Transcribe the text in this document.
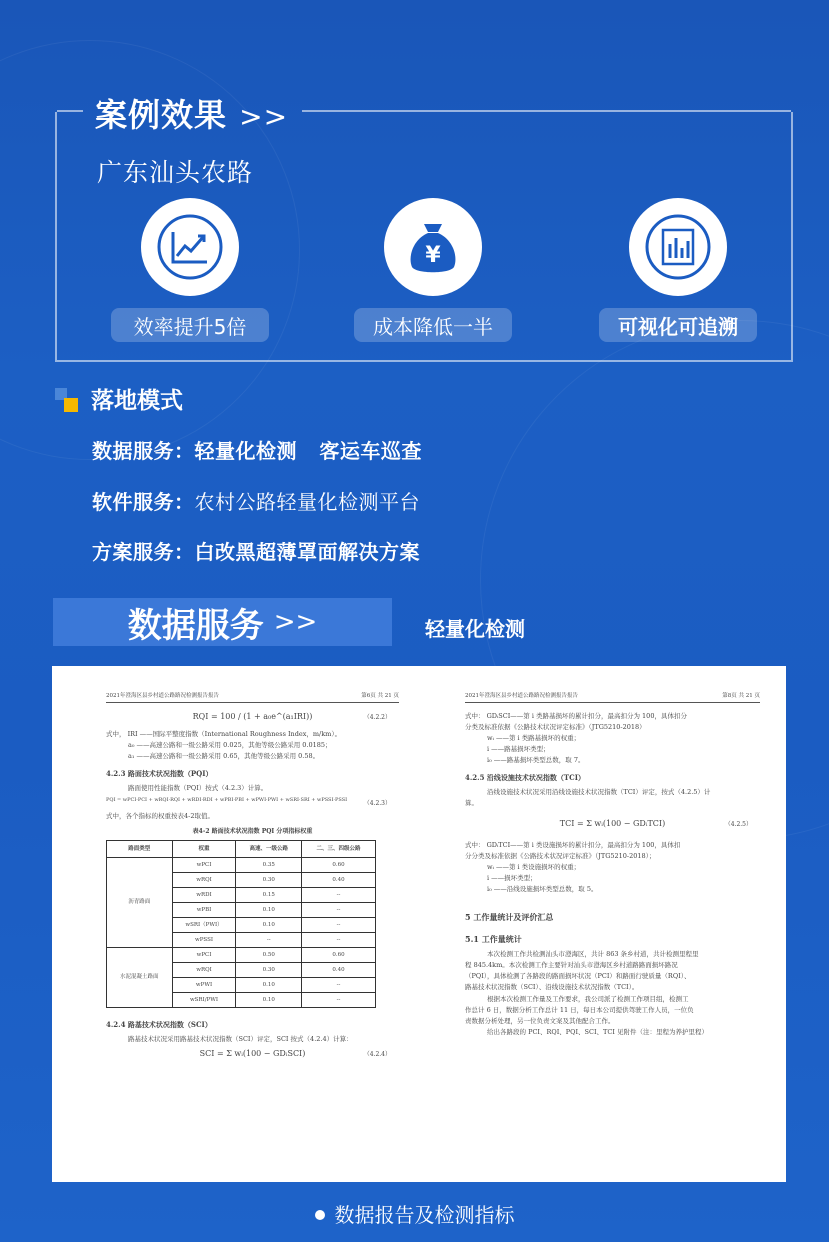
案例效果 >>
广东汕头农路
效率提升5倍
¥
成本降低一半	可视化可追溯
落地模式
数据服务：轻量化检测   客运车巡查
软件服务：农村公路轻量化检测平台
方案服务：白改黑超薄罩面解决方案
数据服务 >>	轻量化检测
2021年澄海区县乡村道公路路况检测报告报告	第6页 共 21 页
RQI = 100 / (1 + a₀e^(a₁IRI))	（4.2.2）

式中， IRI ——国际平整度指数（International Roughness Index，m/km）。

a₀ ——高速公路和一级公路采用 0.025，其他等级公路采用 0.0185；

a₁ ——高速公路和一级公路采用 0.65，其他等级公路采用 0.58。

4.2.3 路面技术状况指数（PQI）

路面使用性能指数（PQI）按式（4.2.3）计算。

PQI = wPCI·PCI + wRQI·RQI + wRDI·RDI + wPBI·PBI + wPWI·PWI + wSRI·SRI + wPSSI·PSSI	（4.2.3）

式中，各个指标的权重按表4-2取值。

表4-2 路面技术状况指数 PQI 分项指标权重
路面类型	权重	高速、一级公路	二、三、四级公路
沥青路面	wPCI	0.35	0.60
	wRQI	0.30	0.40
	wRDI	0.15	--
	wPBI	0.10	--
	wSRI（PWI）	0.10	--
	wPSSI	--	--
水泥混凝土路面	wPCI	0.50	0.60
	wRQI	0.30	0.40
	wPWI	0.10	--
	wSRI/PWI	0.10	--
4.2.4 路基技术状况指数（SCI）

路基技术状况采用路基技术状况指数（SCI）评定，SCI 按式（4.2.4）计算：

SCI = Σ wᵢ(100 − GDᵢSCI)	（4.2.4）
2021年澄海区县乡村道公路路况检测报告报告	第8页 共 21 页

式中： GDᵢSCI——第 i 类路基损坏的累计扣分，最高扣分为 100，具体扣分

分类及标准依据《公路技术状况评定标准》（JTG5210-2018）

wᵢ ——第 i 类路基损坏的权重；

i ——路基损坏类型；

i₀ ——路基损坏类型总数，取 7。

4.2.5 沿线设施技术状况指数（TCI）

沿线设施技术状况采用沿线设施技术状况指数（TCI）评定，按式（4.2.5）计

算。

TCI = Σ wᵢ(100 − GDᵢTCI)	（4.2.5）

式中： GDᵢTCI——第 i 类设施损坏的累计扣分，最高扣分为 100，具体扣

分分类及标准依据《公路技术状况评定标准》（JTG5210-2018）；

wᵢ ——第 i 类设施损坏的权重；

i ——损坏类型；

i₀ ——沿线设施损坏类型总数，取 5。

5 工作量统计及评价汇总
5.1 工作量统计

本次检测工作共检测汕头市澄海区，共计 863 条乡村道，共计检测里程里

程 845.4km。本次检测工作主要针对汕头市澄海区乡村道路路面损坏路况

（PQI），具体检测了各路段的路面损坏状况（PCI）和路面行驶质量（RQI）、

路基技术状况指数（SCI）、沿线设施技术状况指数（TCI）。

根据本次检测工作量及工作要求，我公司派了检测工作项目组，检测工

作总计 6 日，数据分析工作总计 11 日，每日本公司提供驾驶工作人员，一位负

责数据分析处理，另一位负责文案及其他配合工作。

给出各路段的 PCI、RQI、PQI、SCI、TCI 见附件（注：里程为养护里程）

数据报告及检测指标
